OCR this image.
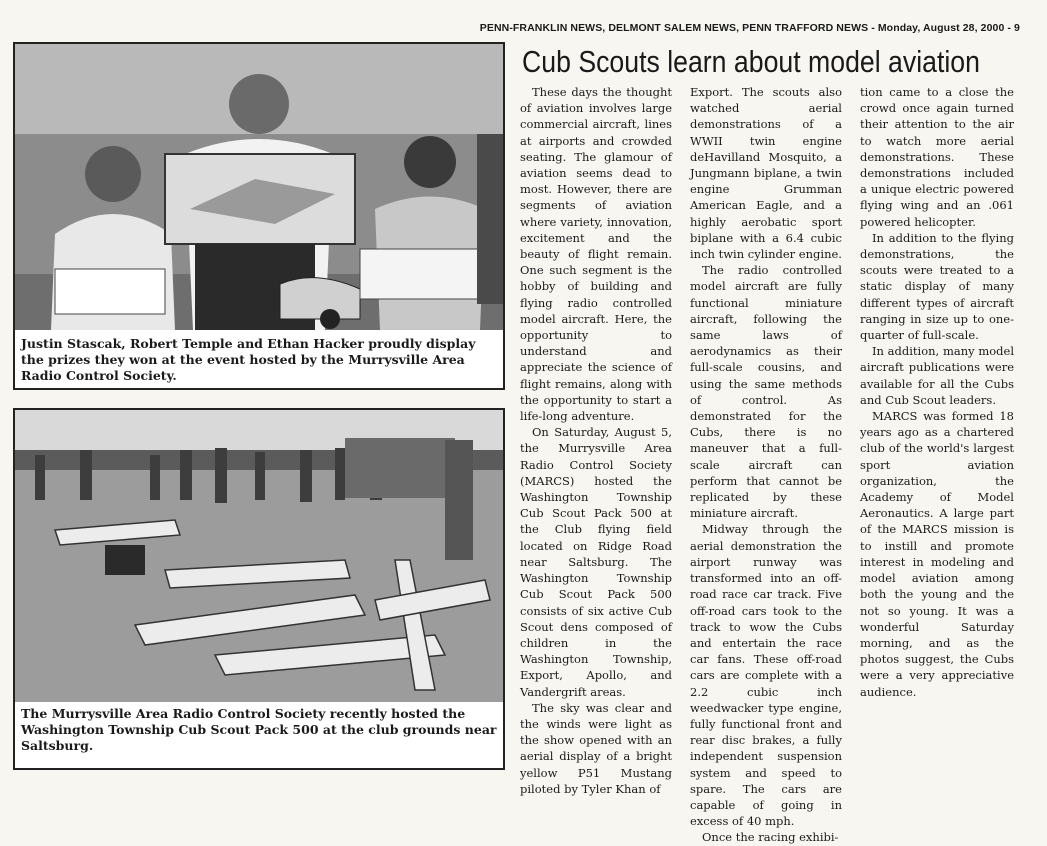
PENN-FRANKLIN NEWS, DELMONT SALEM NEWS, PENN TRAFFORD NEWS - Monday, August 28, 2000 - 9
Cub Scouts learn about model aviation
Justin Stascak, Robert Temple and Ethan Hacker proudly display the prizes they won at the event hosted by the Murrysville Area Radio Control Society.
The Murrysville Area Radio Control Society recently hosted the Washington Township Cub Scout Pack 500 at the club grounds near Saltsburg.

These days the thought of aviation involves large commercial aircraft, lines at airports and crowded seating. The glamour of aviation seems dead to most. However, there are segments of aviation where variety, innovation, excitement and the beauty of flight remain. One such segment is the hobby of building and flying radio controlled model aircraft. Here, the opportunity to understand and appreciate the science of flight remains, along with the opportunity to start a life-long adventure.

On Saturday, August 5, the Murrysville Area Radio Control Society (MARCS) hosted the Washington Township Cub Scout Pack 500 at the Club flying field located on Ridge Road near Saltsburg. The Washington Township Cub Scout Pack 500 consists of six active Cub Scout dens composed of children in the Washington Township, Export, Apollo, and Vandergrift areas.

The sky was clear and the winds were light as the show opened with an aerial display of a bright yellow P51 Mustang piloted by Tyler Khan of

Export. The scouts also watched aerial demonstrations of a WWII twin engine deHavilland Mosquito, a Jungmann biplane, a twin engine Grumman American Eagle, and a highly aerobatic sport biplane with a 6.4 cubic inch twin cylinder engine.

The radio controlled model aircraft are fully functional miniature aircraft, following the same laws of aerodynamics as their full-scale cousins, and using the same methods of control. As demonstrated for the Cubs, there is no maneuver that a full-scale aircraft can perform that cannot be replicated by these miniature aircraft.

Midway through the aerial demonstration the airport runway was transformed into an off-road race car track. Five off-road cars took to the track to wow the Cubs and entertain the race car fans. These off-road cars are complete with a 2.2 cubic inch weedwacker type engine, fully functional front and rear disc brakes, a fully independent suspension system and speed to spare. The cars are capable of going in excess of 40 mph.

Once the racing exhibi-

tion came to a close the crowd once again turned their attention to the air to watch more aerial demonstrations. These demonstrations included a unique electric powered flying wing and an .061 powered helicopter.

In addition to the flying demonstrations, the scouts were treated to a static display of many different types of aircraft ranging in size up to one-quarter of full-scale.

In addition, many model aircraft publications were available for all the Cubs and Cub Scout leaders.

MARCS was formed 18 years ago as a chartered club of the world's largest sport aviation organization, the Academy of Model Aeronautics. A large part of the MARCS mission is to instill and promote interest in modeling and model aviation among both the young and the not so young. It was a wonderful Saturday morning, and as the photos suggest, the Cubs were a very appreciative audience.
